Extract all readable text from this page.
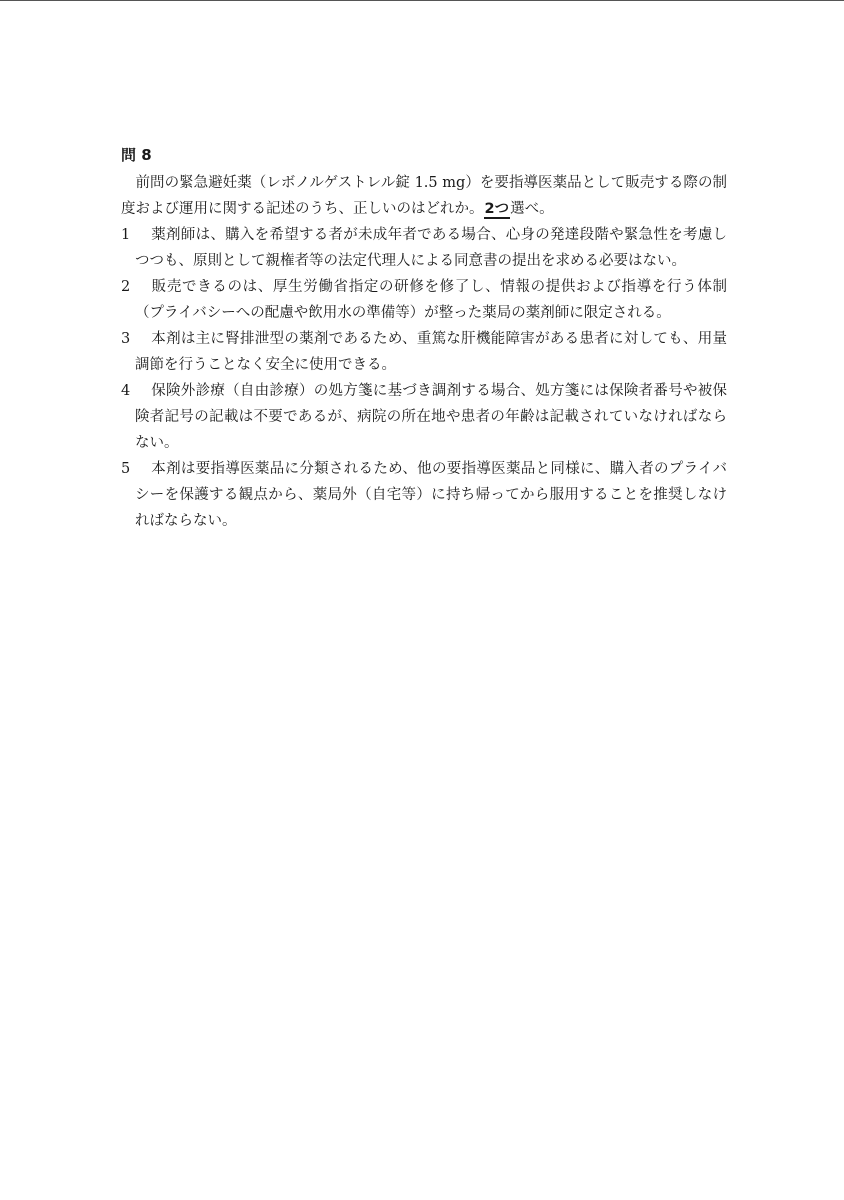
問 8

前問の緊急避妊薬（レボノルゲストレル錠 1.5 mg）を要指導医薬品として販売する際の制度および運用に関する記述のうち、正しいのはどれか。2つ選べ。

1	薬剤師は、購入を希望する者が未成年者である場合、心身の発達段階や緊急性を考慮しつつも、原則として親権者等の法定代理人による同意書の提出を求める必要はない。
2	販売できるのは、厚生労働省指定の研修を修了し、情報の提供および指導を行う体制（プライバシーへの配慮や飲用水の準備等）が整った薬局の薬剤師に限定される。
3	本剤は主に腎排泄型の薬剤であるため、重篤な肝機能障害がある患者に対しても、用量調節を行うことなく安全に使用できる。
4	保険外診療（自由診療）の処方箋に基づき調剤する場合、処方箋には保険者番号や被保険者記号の記載は不要であるが、病院の所在地や患者の年齢は記載されていなければならない。
5	本剤は要指導医薬品に分類されるため、他の要指導医薬品と同様に、購入者のプライバシーを保護する観点から、薬局外（自宅等）に持ち帰ってから服用することを推奨しなければならない。
